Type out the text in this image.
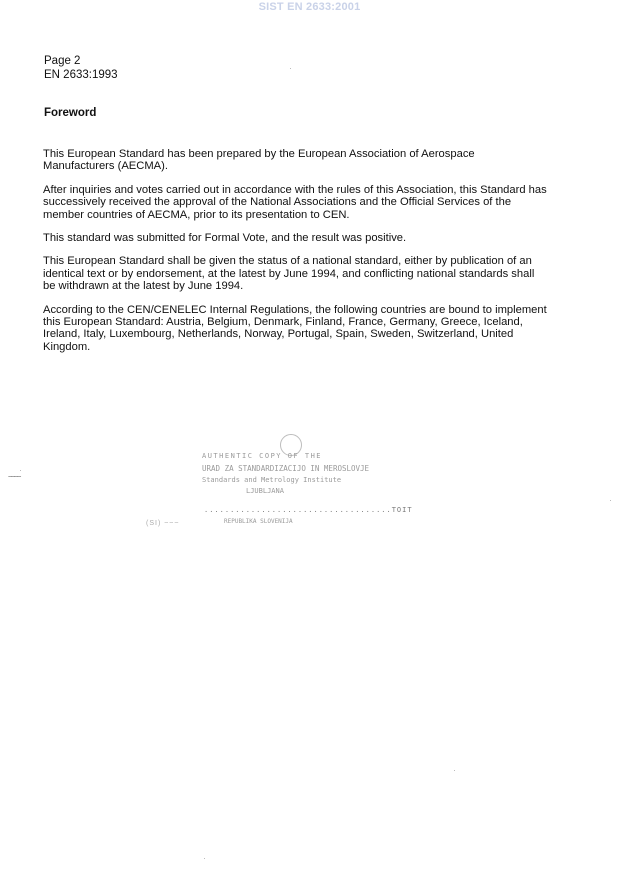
SIST EN 2633:2001
Page 2
EN 2633:1993
Foreword

This European Standard has been prepared by the European Association of Aerospace Manufacturers (AECMA).

After inquiries and votes carried out in accordance with the rules of this Association, this Standard has successively received the approval of the National Associations and the Official Services of the member countries of AECMA, prior to its presentation to CEN.

This standard was submitted for Formal Vote, and the result was positive.

This European Standard shall be given the status of a national standard, either by publication of an identical text or by endorsement, at the latest by June 1994, and conflicting national standards shall be withdrawn at the latest by June 1994.

According to the CEN/CENELEC Internal Regulations, the following countries are bound to implement this European Standard: Austria, Belgium, Denmark, Finland, France, Germany, Greece, Iceland, Ireland, Italy, Luxembourg, Netherlands, Norway, Portugal, Spain, Sweden, Switzerland, United Kingdom.

AUTHENTIC COPY OF THE
URAD ZA STANDARDIZACIJO IN MEROSLOVJE
Standards and Metrology Institute
LJUBLJANA
....................................TOIT
REPUBLIKA SLOVENIJA
~~~~
(SI) ~~~
